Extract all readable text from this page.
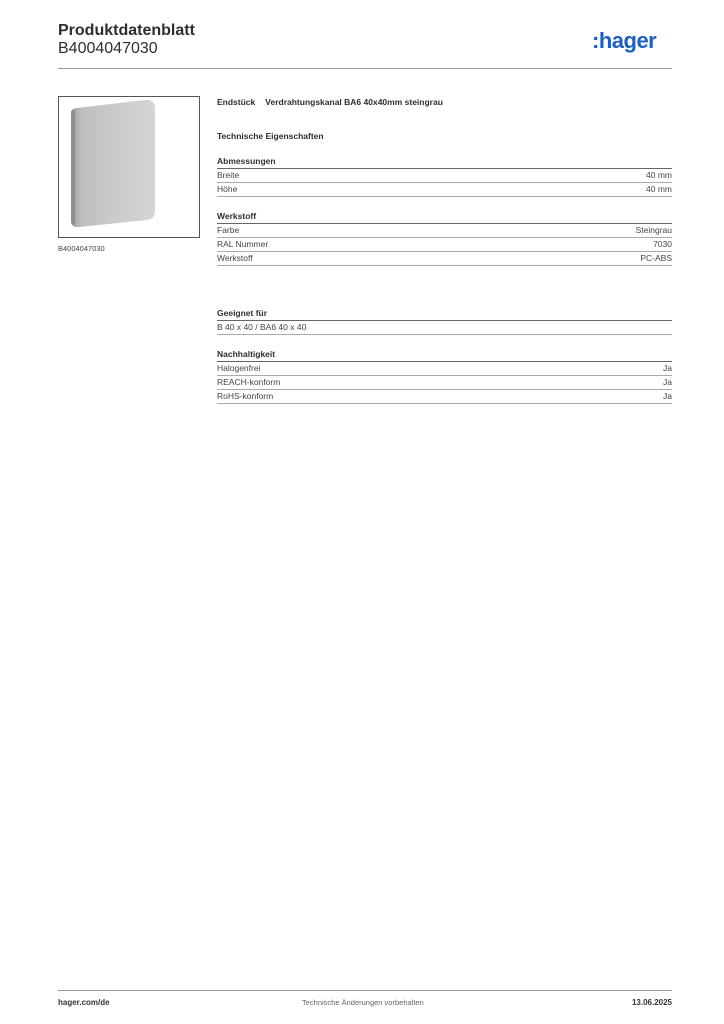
Produktdatenblatt
B4004047030	:hager
B4004047030
Endstück Verdrahtungskanal BA6 40x40mm steingrau
Technische Eigenschaften
Abmessungen
Breite	40 mm
Höhe	40 mm
Werkstoff
Farbe	Steingrau
RAL Nummer	7030
Werkstoff	PC-ABS
Geeignet für
B 40 x 40 / BA6 40 x 40
Nachhaltigkeit
Halogenfrei	Ja
REACH-konform	Ja
RoHS-konform	Ja
hager.com/de	Technische Änderungen vorbehalten	13.06.2025
